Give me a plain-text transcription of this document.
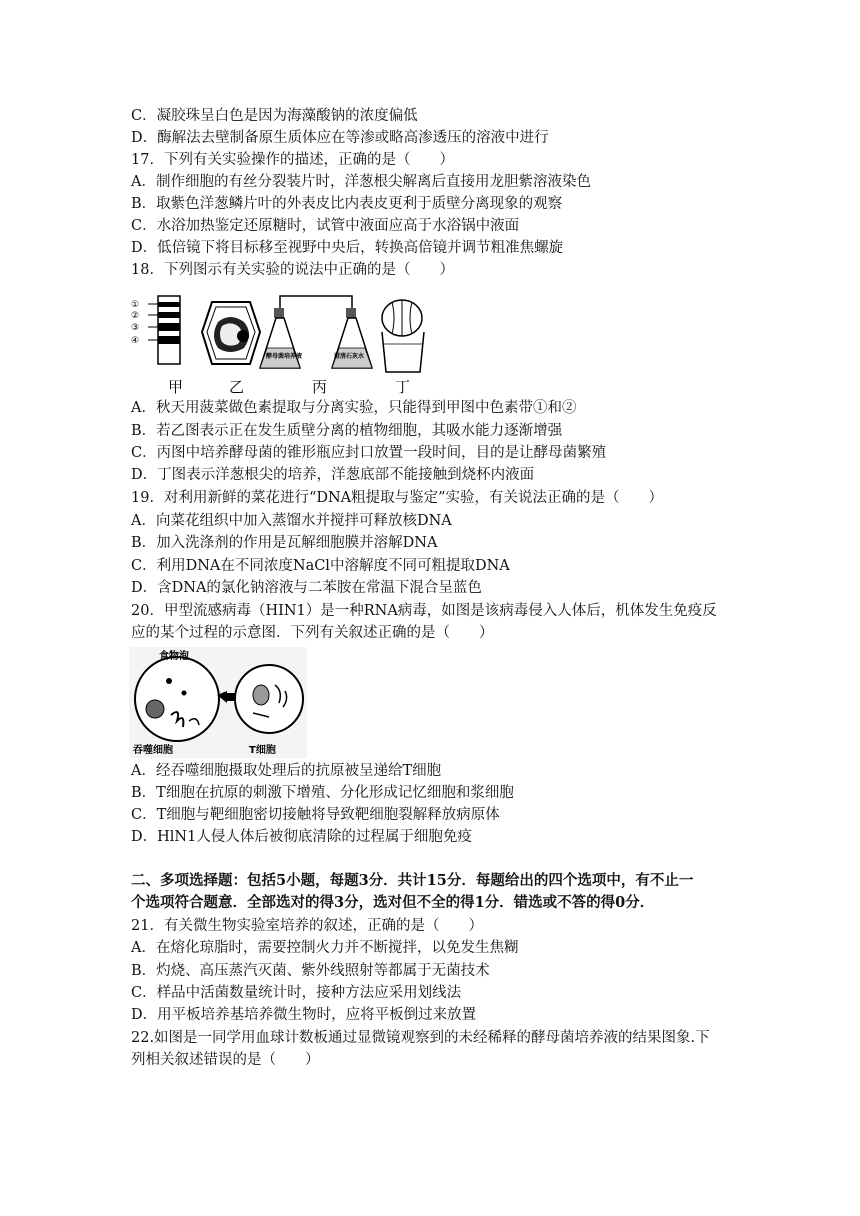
C．凝胶珠呈白色是因为海藻酸钠的浓度偏低
D．酶解法去壁制备原生质体应在等渗或略高渗透压的溶液中进行
17．下列有关实验操作的描述，正确的是（　　）
A．制作细胞的有丝分裂装片时，洋葱根尖解离后直接用龙胆紫溶液染色
B．取紫色洋葱鳞片叶的外表皮比内表皮更利于质壁分离现象的观察
C．水浴加热鉴定还原糖时，试管中液面应高于水浴锅中液面
D．低倍镜下将目标移至视野中央后，转换高倍镜并调节粗准焦螺旋
18．下列图示有关实验的说法中正确的是（　　）
①
②
③
④
酵母菌培养液	澄清石灰水
甲	乙	丙	丁
A．秋天用菠菜做色素提取与分离实验，只能得到甲图中色素带①和②
B．若乙图表示正在发生质壁分离的植物细胞，其吸水能力逐渐增强
C．丙图中培养酵母菌的锥形瓶应封口放置一段时间，目的是让酵母菌繁殖
D．丁图表示洋葱根尖的培养，洋葱底部不能接触到烧杯内液面
19．对利用新鲜的菜花进行“DNA粗提取与鉴定”实验，有关说法正确的是（　　）
A．向菜花组织中加入蒸馏水并搅拌可释放核DNA
B．加入洗涤剂的作用是瓦解细胞膜并溶解DNA
C．利用DNA在不同浓度NaCl中溶解度不同可粗提取DNA
D．含DNA的氯化钠溶液与二苯胺在常温下混合呈蓝色
20．甲型流感病毒（HIN1）是一种RNA病毒，如图是该病毒侵入人体后，机体发生免疫反
应的某个过程的示意图．下列有关叙述正确的是（　　）
食物泡
吞噬细胞	T细胞
A．经吞噬细胞摄取处理后的抗原被呈递给T细胞
B．T细胞在抗原的刺激下增殖、分化形成记忆细胞和浆细胞
C．T细胞与靶细胞密切接触将导致靶细胞裂解释放病原体
D．HlN1人侵人体后被彻底清除的过程属于细胞免疫
二、多项选择题：包括5小题，每题3分．共计15分．每题给出的四个选项中，有不止一
个选项符合题意．全部选对的得3分，选对但不全的得1分．错选或不答的得0分．
21．有关微生物实验室培养的叙述，正确的是（　　）
A．在熔化琼脂时，需要控制火力并不断搅拌，以免发生焦糊
B．灼烧、高压蒸汽灭菌、紫外线照射等都属于无菌技术
C．样品中活菌数量统计时，接种方法应采用划线法
D．用平板培养基培养微生物时，应将平板倒过来放置
22.如图是一同学用血球计数板通过显微镜观察到的未经稀释的酵母菌培养液的结果图象.下
列相关叙述错误的是（　　）
